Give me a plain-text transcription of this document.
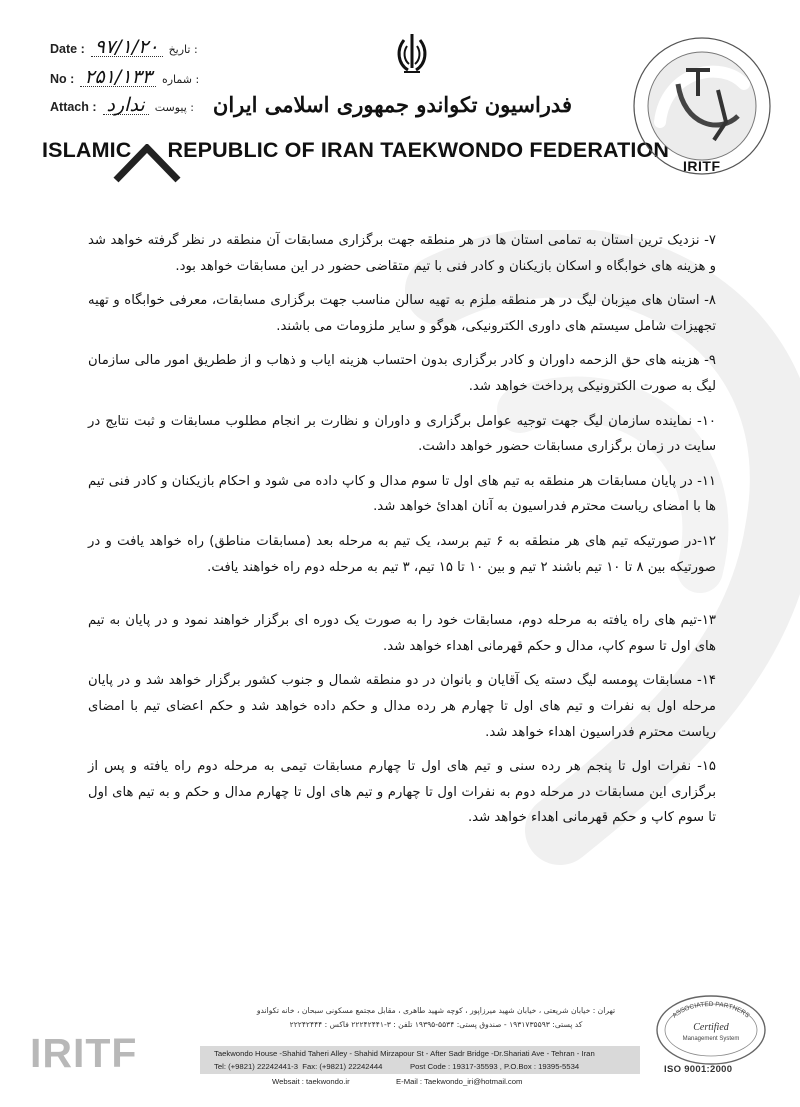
Date : ۹۷/۱/۲۰ : تاریخ
No : ۲۵۱/۱۳۳ : شماره
Attach : ندارد : پیوست فدراسیون تکواندو جمهوری اسلامی ایران
ISLAMIC REPUBLIC OF IRAN TAEKWONDO FEDERATION
IRITF

۷- نزدیک ترین استان به تمامی استان ها در هر منطقه جهت برگزاری مسابقات آن منطقه در نظر گرفته خواهد شد و هزینه های خوابگاه و اسکان بازیکنان و کادر فنی با تیم متقاضی حضور در این مسابقات خواهد بود.

۸- استان های میزبان لیگ در هر منطقه ملزم به تهیه سالن مناسب جهت برگزاری مسابقات، معرفی خوابگاه و تهیه تجهیزات شامل سیستم های داوری الکترونیکی، هوگو و سایر ملزومات می باشند.

۹- هزینه های حق الزحمه داوران و کادر برگزاری بدون احتساب هزینه ایاب و ذهاب و از ططریق امور مالی سازمان لیگ به صورت الکترونیکی پرداخت خواهد شد.

۱۰- نماینده سازمان لیگ جهت توجیه عوامل برگزاری و داوران و نظارت بر انجام مطلوب مسابقات و ثبت نتایج در سایت در زمان برگزاری مسابقات حضور خواهد داشت.

۱۱- در پایان مسابقات هر منطقه به تیم های اول تا سوم مدال و کاپ داده می شود و احکام بازیکنان و کادر فنی تیم ها با امضای ریاست محترم فدراسیون به آنان اهدائ خواهد شد.

۱۲-در صورتیکه تیم های هر منطقه به ۶ تیم برسد، یک تیم به مرحله بعد (مسابقات مناطق) راه خواهد یافت و در صورتیکه بین ۸ تا ۱۰ تیم باشند ۲ تیم و بین ۱۰ تا ۱۵ تیم، ۳ تیم به مرحله دوم راه خواهند یافت.

۱۳-تیم های راه یافته به مرحله دوم، مسابقات خود را به صورت یک دوره ای برگزار خواهند نمود و در پایان به تیم های اول تا سوم کاپ، مدال و حکم قهرمانی اهداء خواهد شد.

۱۴- مسابقات پومسه لیگ دسته یک آقایان و بانوان در دو منطقه شمال و جنوب کشور برگزار خواهد شد و در پایان مرحله اول به نفرات و تیم های اول تا چهارم هر رده مدال و حکم داده خواهد شد و حکم اعضای تیم با امضای ریاست محترم فدراسیون اهداء خواهد شد.

۱۵- نفرات اول تا پنجم هر رده سنی و تیم های اول تا چهارم مسابقات تیمی به مرحله دوم راه یافته و پس از برگزاری این مسابقات در مرحله دوم به نفرات اول تا چهارم و تیم های اول تا چهارم مدال و حکم و به تیم های اول تا سوم کاپ و حکم قهرمانی اهداء خواهد شد.

IRITF
تهران : خیابان شریعتی ، خیابان شهید میرزاپور ، کوچه شهید طاهری ، مقابل مجتمع مسکونی سبحان ، خانه تکواندو
کد پستی: ۱۹۳۱۷۳۵۵۹۳ - صندوق پستی: ۵۵۳۴-۱۹۳۹۵ تلفن : ۳-۲۲۲۴۲۴۴۱ فاکس : ۲۲۲۴۲۴۴۴
Taekwondo House -Shahid Taheri Alley - Shahid Mirzapour St - After Sadr Bridge -Dr.Shariati Ave - Tehran - Iran
Tel: (+9821) 22242441-3 Fax: (+9821) 22242444	Post Code : 19317-35593 , P.O.Box : 19395-5534
Websait : taekwondo.ir	E-Mail : Taekwondo_iri@hotmail.com
ASSOCIATED PARTNERS
Certified
Management System
ISO 9001:2000
